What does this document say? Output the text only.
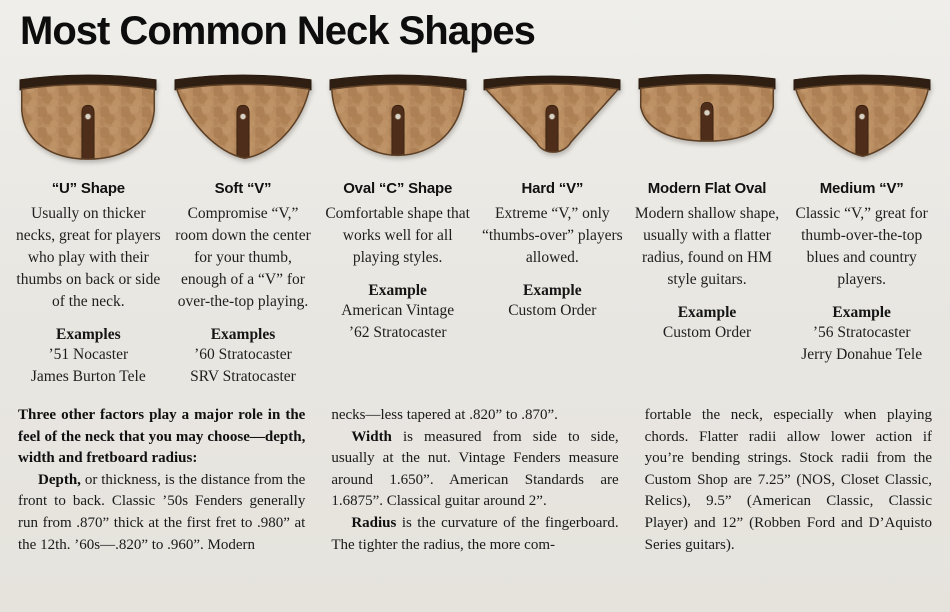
Most Common Neck Shapes
“U” Shape
Usually on thicker necks, great for players who play with their thumbs on back or side of the neck.
Examples
’51 Nocaster
James Burton Tele
Soft “V”
Compromise “V,” room down the center for your thumb, enough of a “V” for over-the-top playing.
Examples
’60 Stratocaster
SRV Stratocaster
Oval “C” Shape
Comfortable shape that works well for all playing styles.
Example
American Vintage
’62 Stratocaster
Hard “V”
Extreme “V,” only “thumbs-over” players allowed.
Example
Custom Order
Modern Flat Oval
Modern shallow shape, usually with a flatter radius, found on HM style guitars.
Example
Custom Order
Medium “V”
Classic “V,” great for thumb-over-the-top blues and country players.
Example
’56 Stratocaster
Jerry Donahue Tele

Three other factors play a major role in the feel of the neck that you may choose—depth, width and fretboard radius:

Depth, or thickness, is the distance from the front to back. Classic ’50s Fenders generally run from .870” thick at the first fret to .980” at the 12th. ’60s—.820” to .960”. Modern

necks—less tapered at .820” to .870”.

Width is measured from side to side, usually at the nut. Vintage Fenders measure around 1.650”. American Standards are 1.6875”. Classical guitar around 2”.

Radius is the curvature of the fingerboard. The tighter the radius, the more com-

fortable the neck, especially when playing chords. Flatter radii allow lower action if you’re bending strings. Stock radii from the Custom Shop are 7.25” (NOS, Closet Classic, Relics), 9.5” (American Classic, Classic Player) and 12” (Robben Ford and D’Aquisto Series guitars).
